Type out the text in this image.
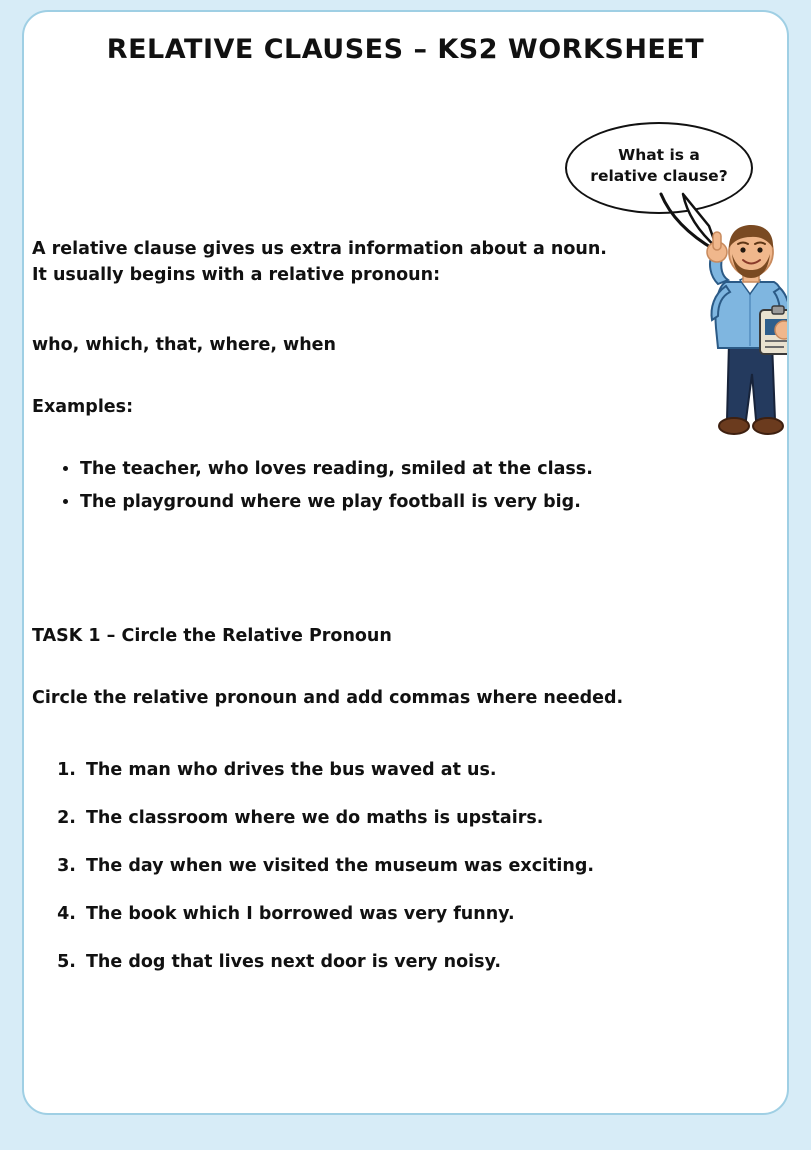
RELATIVE CLAUSES – KS2 WORKSHEET
What is a relative clause?
A relative clause gives us extra information about a noun. It usually begins with a relative pronoun:
who, which, that, where, when
Examples:
• The teacher, who loves reading, smiled at the class.
• The playground where we play football is very big.
TASK 1 – Circle the Relative Pronoun
Circle the relative pronoun and add commas where needed.
1. The man who drives the bus waved at us.
2. The classroom where we do maths is upstairs.
3. The day when we visited the museum was exciting.
4. The book which I borrowed was very funny.
5. The dog that lives next door is very noisy.
